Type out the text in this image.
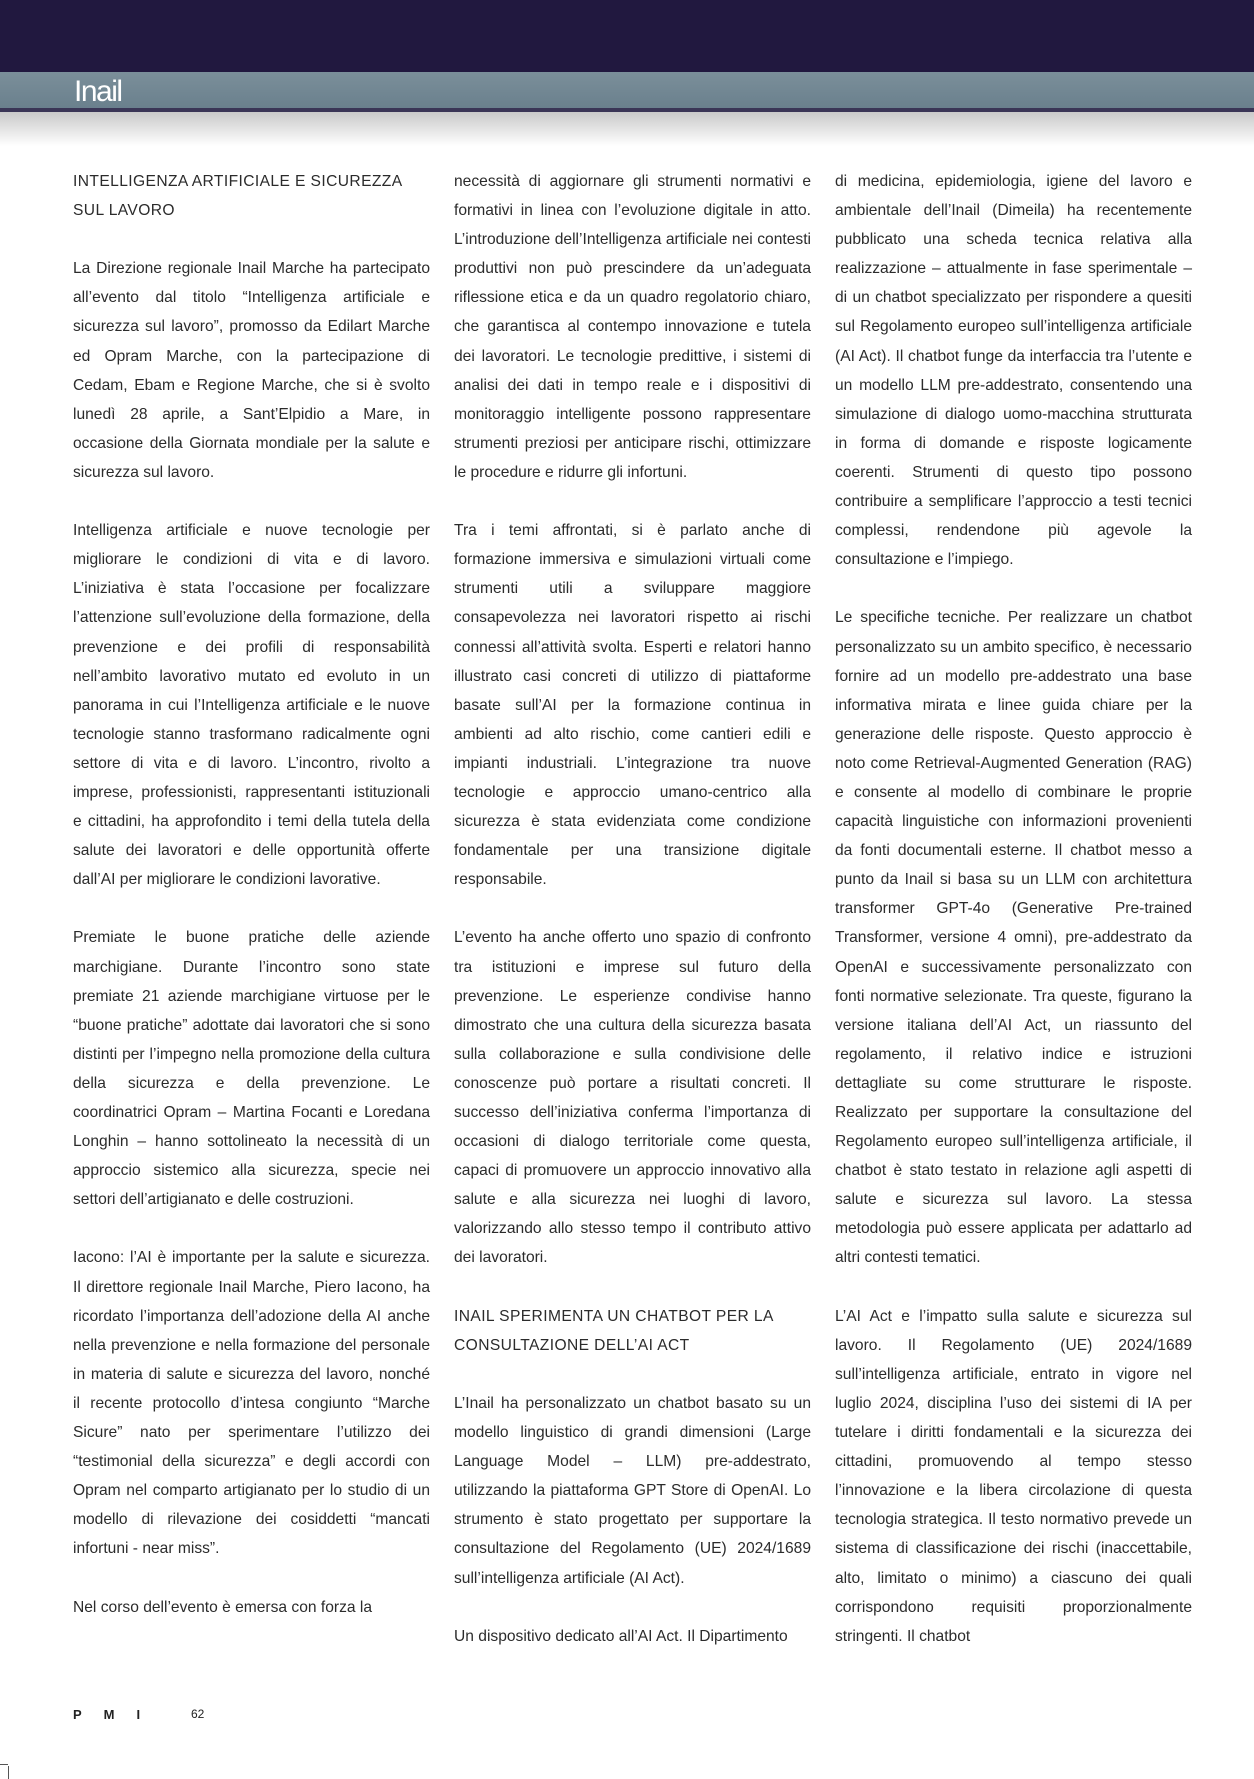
Inail

INTELLIGENZA ARTIFICIALE E SICUREZZA SUL LAVORO

La Direzione regionale Inail Marche ha partecipato all’evento dal titolo “Intelligenza artificiale e sicurezza sul lavoro”, promosso da Edilart Marche ed Opram Marche, con la partecipazione di Cedam, Ebam e Regione Marche, che si è svolto lunedì 28 aprile, a Sant’Elpidio a Mare, in occasione della Giornata mondiale per la salute e sicurezza sul lavoro.

Intelligenza artificiale e nuove tecnologie per migliorare le condizioni di vita e di lavoro. L’iniziativa è stata l’occasione per focalizzare l’attenzione sull’evoluzione della formazione, della prevenzione e dei profili di responsabilità nell’ambito lavorativo mutato ed evoluto in un panorama in cui l’Intelligenza artificiale e le nuove tecnologie stanno trasformano radicalmente ogni settore di vita e di lavoro. L’incontro, rivolto a imprese, professionisti, rappresentanti istituzionali e cittadini, ha approfondito i temi della tutela della salute dei lavoratori e delle opportunità offerte dall’AI per migliorare le condizioni lavorative.

Premiate le buone pratiche delle aziende marchigiane. Durante l’incontro sono state premiate 21 aziende marchigiane virtuose per le “buone pratiche” adottate dai lavoratori che si sono distinti per l’impegno nella promozione della cultura della sicurezza e della prevenzione. Le coordinatrici Opram – Martina Focanti e Loredana Longhin – hanno sottolineato la necessità di un approccio sistemico alla sicurezza, specie nei settori dell’artigianato e delle costruzioni.

Iacono: l’AI è importante per la salute e sicurezza. Il direttore regionale Inail Marche, Piero Iacono, ha ricordato l’importanza dell’adozione della AI anche nella prevenzione e nella formazione del personale in materia di salute e sicurezza del lavoro, nonché il recente protocollo d’intesa congiunto “Marche Sicure” nato per sperimentare l’utilizzo dei “testimonial della sicurezza” e degli accordi con Opram nel comparto artigianato per lo studio di un modello di rilevazione dei cosiddetti “mancati infortuni - near miss”.

Nel corso dell’evento è emersa con forza la

necessità di aggiornare gli strumenti normativi e formativi in linea con l’evoluzione digitale in atto. L’introduzione dell’Intelligenza artificiale nei contesti produttivi non può prescindere da un’adeguata riflessione etica e da un quadro regolatorio chiaro, che garantisca al contempo innovazione e tutela dei lavoratori. Le tecnologie predittive, i sistemi di analisi dei dati in tempo reale e i dispositivi di monitoraggio intelligente possono rappresentare strumenti preziosi per anticipare rischi, ottimizzare le procedure e ridurre gli infortuni.

Tra i temi affrontati, si è parlato anche di formazione immersiva e simulazioni virtuali come strumenti utili a sviluppare maggiore consapevolezza nei lavoratori rispetto ai rischi connessi all’attività svolta. Esperti e relatori hanno illustrato casi concreti di utilizzo di piattaforme basate sull’AI per la formazione continua in ambienti ad alto rischio, come cantieri edili e impianti industriali. L’integrazione tra nuove tecnologie e approccio umano-centrico alla sicurezza è stata evidenziata come condizione fondamentale per una transizione digitale responsabile.

L’evento ha anche offerto uno spazio di confronto tra istituzioni e imprese sul futuro della prevenzione. Le esperienze condivise hanno dimostrato che una cultura della sicurezza basata sulla collaborazione e sulla condivisione delle conoscenze può portare a risultati concreti. Il successo dell’iniziativa conferma l’importanza di occasioni di dialogo territoriale come questa, capaci di promuovere un approccio innovativo alla salute e alla sicurezza nei luoghi di lavoro, valorizzando allo stesso tempo il contributo attivo dei lavoratori.

INAIL SPERIMENTA UN CHATBOT PER LA CONSULTAZIONE DELL’AI ACT

L’Inail ha personalizzato un chatbot basato su un modello linguistico di grandi dimensioni (Large Language Model – LLM) pre-addestrato, utilizzando la piattaforma GPT Store di OpenAI. Lo strumento è stato progettato per supportare la consultazione del Regolamento (UE) 2024/1689 sull’intelligenza artificiale (AI Act).

Un dispositivo dedicato all’AI Act. Il Dipartimento

di medicina, epidemiologia, igiene del lavoro e ambientale dell’Inail (Dimeila) ha recentemente pubblicato una scheda tecnica relativa alla realizzazione – attualmente in fase sperimentale – di un chatbot specializzato per rispondere a quesiti sul Regolamento europeo sull’intelligenza artificiale (AI Act). Il chatbot funge da interfaccia tra l’utente e un modello LLM pre-addestrato, consentendo una simulazione di dialogo uomo-macchina strutturata in forma di domande e risposte logicamente coerenti. Strumenti di questo tipo possono contribuire a semplificare l’approccio a testi tecnici complessi, rendendone più agevole la consultazione e l’impiego.

Le specifiche tecniche. Per realizzare un chatbot personalizzato su un ambito specifico, è necessario fornire ad un modello pre-addestrato una base informativa mirata e linee guida chiare per la generazione delle risposte. Questo approccio è noto come Retrieval-Augmented Generation (RAG) e consente al modello di combinare le proprie capacità linguistiche con informazioni provenienti da fonti documentali esterne. Il chatbot messo a punto da Inail si basa su un LLM con architettura transformer GPT-4o (Generative Pre-trained Transformer, versione 4 omni), pre-addestrato da OpenAI e successivamente personalizzato con fonti normative selezionate. Tra queste, figurano la versione italiana dell’AI Act, un riassunto del regolamento, il relativo indice e istruzioni dettagliate su come strutturare le risposte. Realizzato per supportare la consultazione del Regolamento europeo sull’intelligenza artificiale, il chatbot è stato testato in relazione agli aspetti di salute e sicurezza sul lavoro. La stessa metodologia può essere applicata per adattarlo ad altri contesti tematici.

L’AI Act e l’impatto sulla salute e sicurezza sul lavoro. Il Regolamento (UE) 2024/1689 sull’intelligenza artificiale, entrato in vigore nel luglio 2024, disciplina l’uso dei sistemi di IA per tutelare i diritti fondamentali e la sicurezza dei cittadini, promuovendo al tempo stesso l’innovazione e la libera circolazione di questa tecnologia strategica. Il testo normativo prevede un sistema di classificazione dei rischi (inaccettabile, alto, limitato o minimo) a ciascuno dei quali corrispondono requisiti proporzionalmente stringenti. Il chatbot

PMI 62
